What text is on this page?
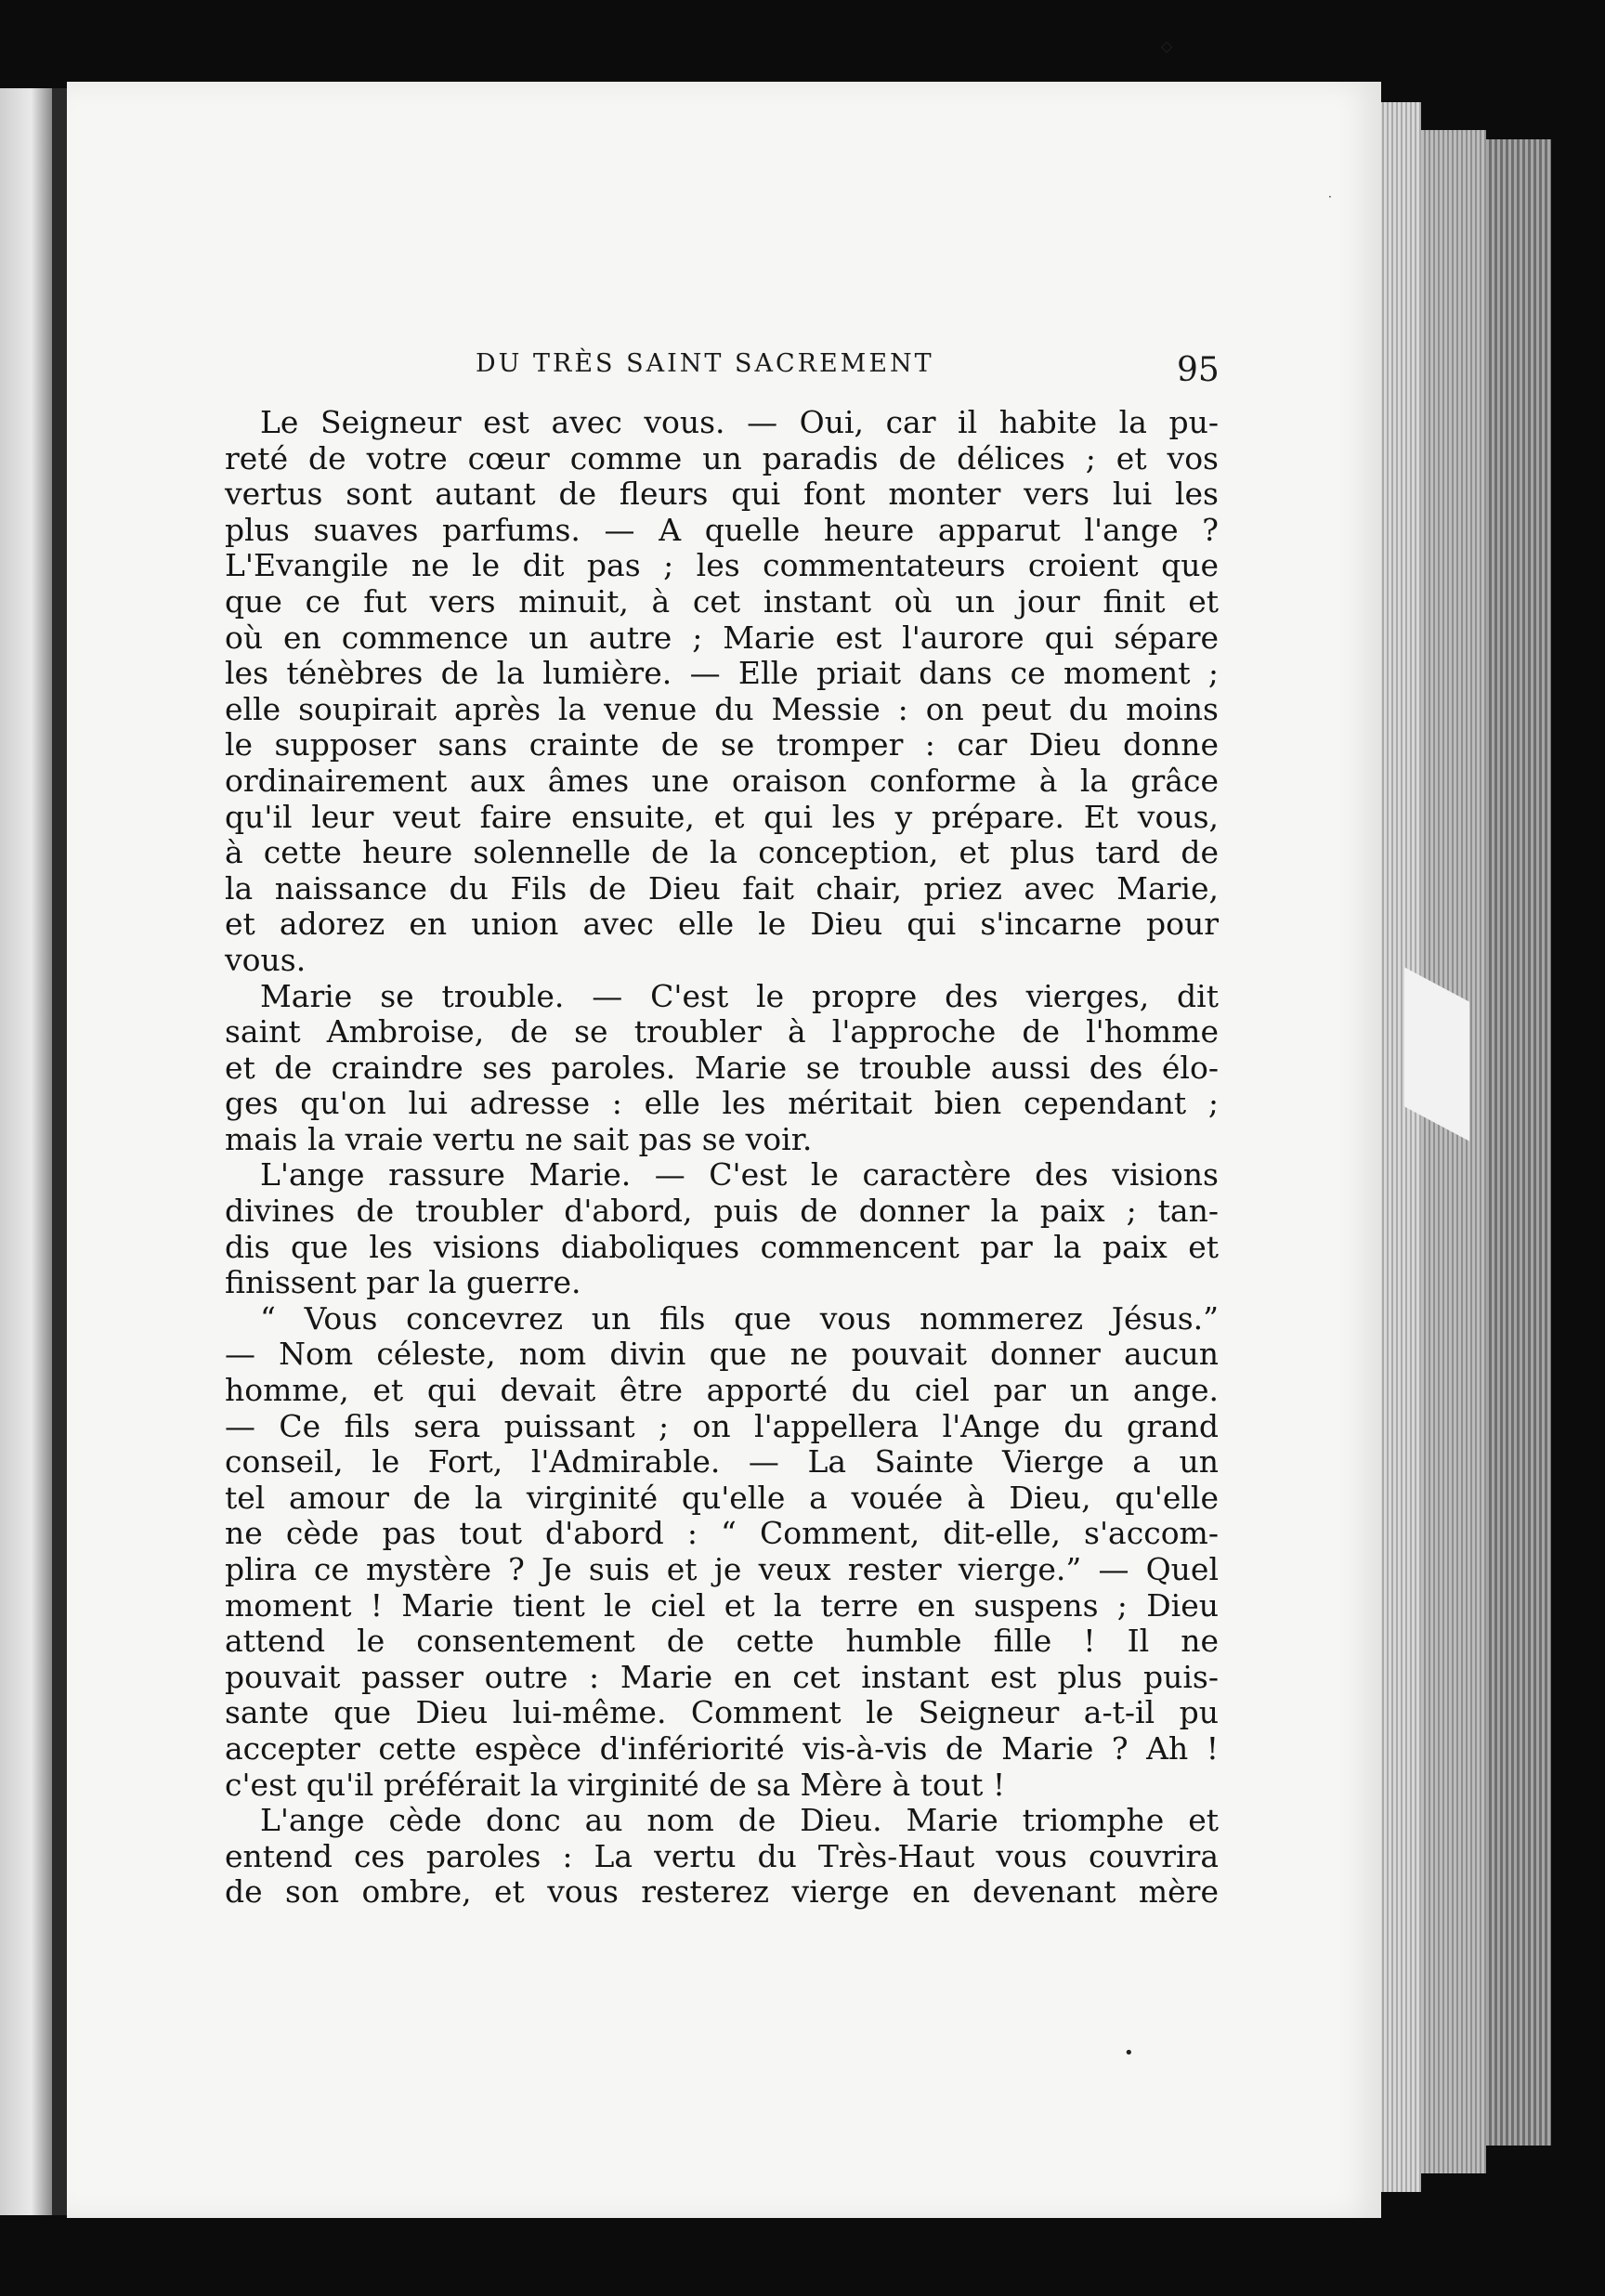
DU TRÈS SAINT SACREMENT	95
Le Seigneur est avec vous. — Oui, car il habite la pu-
reté de votre cœur comme un paradis de délices ; et vos
vertus sont autant de fleurs qui font monter vers lui les
plus suaves parfums. — A quelle heure apparut l'ange ?
L'Evangile ne le dit pas ; les commentateurs croient que
que ce fut vers minuit, à cet instant où un jour finit et
où en commence un autre ; Marie est l'aurore qui sépare
les ténèbres de la lumière. — Elle priait dans ce moment ;
elle soupirait après la venue du Messie : on peut du moins
le supposer sans crainte de se tromper : car Dieu donne
ordinairement aux âmes une oraison conforme à la grâce
qu'il leur veut faire ensuite, et qui les y prépare. Et vous,
à cette heure solennelle de la conception, et plus tard de
la naissance du Fils de Dieu fait chair, priez avec Marie,
et adorez en union avec elle le Dieu qui s'incarne pour
vous.
Marie se trouble. — C'est le propre des vierges, dit
saint Ambroise, de se troubler à l'approche de l'homme
et de craindre ses paroles. Marie se trouble aussi des élo-
ges qu'on lui adresse : elle les méritait bien cependant ;
mais la vraie vertu ne sait pas se voir.
L'ange rassure Marie. — C'est le caractère des visions
divines de troubler d'abord, puis de donner la paix ; tan-
dis que les visions diaboliques commencent par la paix et
finissent par la guerre.
“ Vous concevrez un fils que vous nommerez Jésus.”
— Nom céleste, nom divin que ne pouvait donner aucun
homme, et qui devait être apporté du ciel par un ange.
— Ce fils sera puissant ; on l'appellera l'Ange du grand
conseil, le Fort, l'Admirable. — La Sainte Vierge a un
tel amour de la virginité qu'elle a vouée à Dieu, qu'elle
ne cède pas tout d'abord : “ Comment, dit-elle, s'accom-
plira ce mystère ? Je suis et je veux rester vierge.” — Quel
moment ! Marie tient le ciel et la terre en suspens ; Dieu
attend le consentement de cette humble fille ! Il ne
pouvait passer outre : Marie en cet instant est plus puis-
sante que Dieu lui-même. Comment le Seigneur a-t-il pu
accepter cette espèce d'infériorité vis-à-vis de Marie ? Ah !
c'est qu'il préférait la virginité de sa Mère à tout !
L'ange cède donc au nom de Dieu. Marie triomphe et
entend ces paroles : La vertu du Très-Haut vous couvrira
de son ombre, et vous resterez vierge en devenant mère
◇
·
•
